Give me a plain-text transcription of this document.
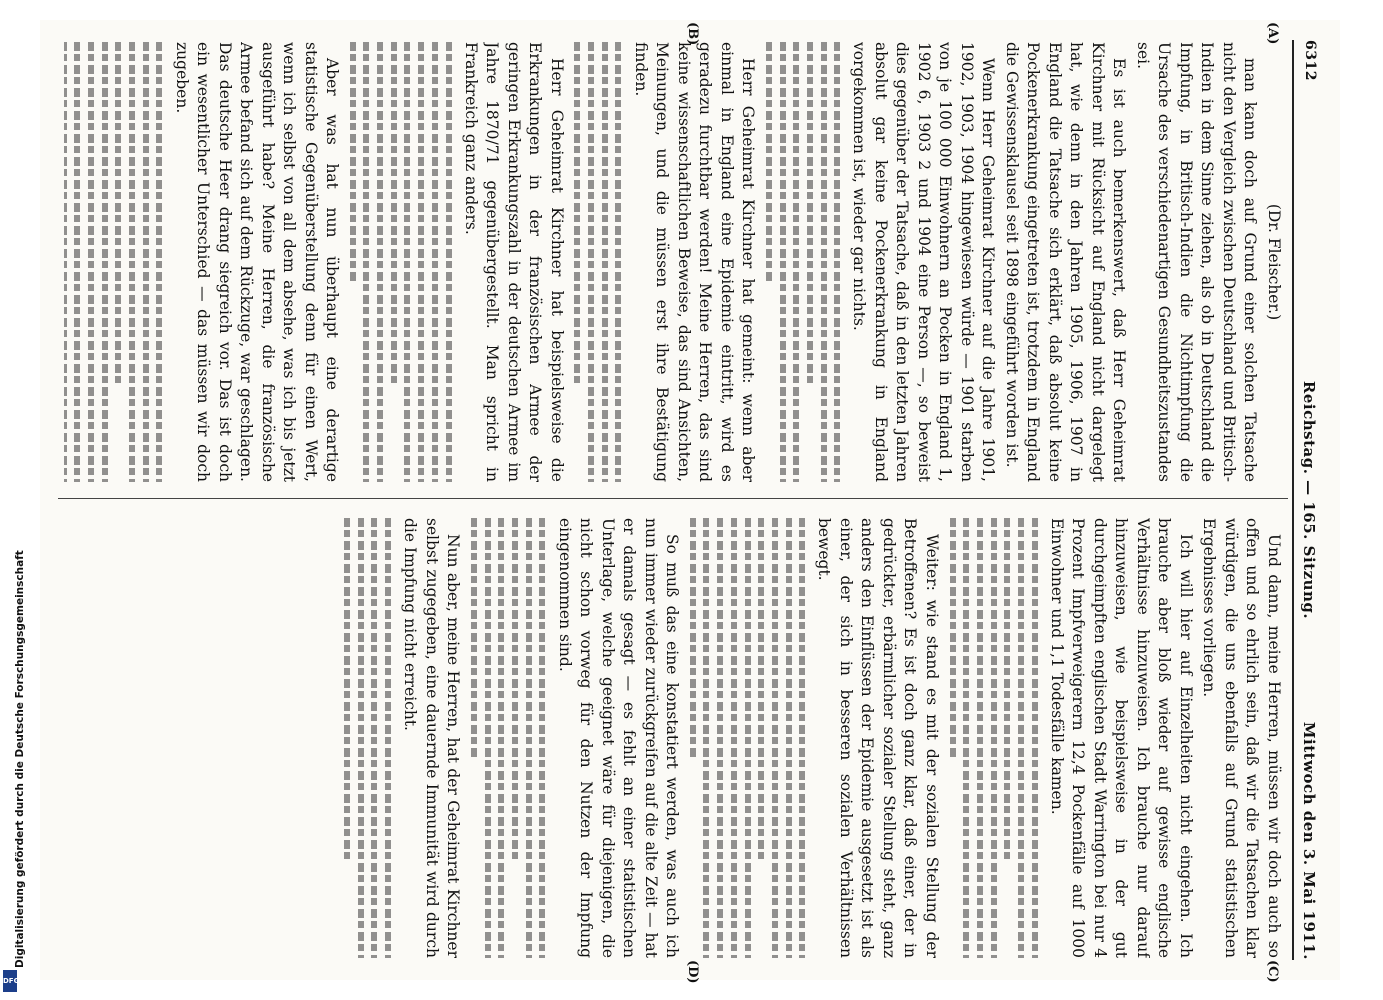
Digitalisierung gefördert durch die Deutsche Forschungsgemeinschaft
DFG
6312
Reichstag. — 165. Sitzung.
Mittwoch den 3. Mai 1911.
(A)
(B)
(C)
(D)

(Dr. Fleischer.)

man kann doch auf Grund einer solchen Tatsache nicht den Vergleich zwischen Deutschland und Britisch-Indien in dem Sinne ziehen, als ob in Deutschland die Impfung, in Britisch-Indien die Nichtimpfung die Ursache des verschiedenartigen Gesundheitszustandes sei.

Es ist auch bemerkenswert, daß Herr Geheimrat Kirchner mit Rücksicht auf England nicht dargelegt hat, wie denn in den Jahren 1905, 1906, 1907 in England die Tatsache sich erklärt, daß absolut keine Pockenerkrankung eingetreten ist, trotzdem in England die Gewissensklausel seit 1898 eingeführt worden ist.

Wenn Herr Geheimrat Kirchner auf die Jahre 1901, 1902, 1903, 1904 hingewiesen würde — 1901 starben von je 100 000 Einwohnern an Pocken in England 1, 1902 6, 1903 2 und 1904 eine Person —, so beweist dies gegenüber der Tatsache, daß in den letzten Jahren absolut gar keine Pockenerkrankung in England vorgekommen ist, wieder gar nichts.

Herr Geheimrat Kirchner hat gemeint: wenn aber einmal in England eine Epidemie eintritt, wird es geradezu furchtbar werden! Meine Herren, das sind keine wissenschaftlichen Beweise, das sind Ansichten, Meinungen, und die müssen erst ihre Bestätigung finden.

Herr Geheimrat Kirchner hat beispielsweise die Erkrankungen in der französischen Armee der geringen Erkrankungszahl in der deutschen Armee im Jahre 1870/71 gegenübergestellt. Man spricht in Frankreich ganz anders.

Aber was hat nun überhaupt eine derartige statistische Gegenüberstellung denn für einen Wert, wenn ich selbst von all dem absehe, was ich bis jetzt ausgeführt habe? Meine Herren, die französische Armee befand sich auf dem Rückzuge, war geschlagen. Das deutsche Heer drang siegreich vor. Das ist doch ein wesentlicher Unterschied — das müssen wir doch zugeben.

Und dann, meine Herren, müssen wir doch auch so offen und so ehrlich sein, daß wir die Tatsachen klar würdigen, die uns ebenfalls auf Grund statistischen Ergebnisses vorliegen.

Ich will hier auf Einzelheiten nicht eingehen. Ich brauche aber bloß wieder auf gewisse englische Verhältnisse hinzuweisen. Ich brauche nur darauf hinzuweisen, wie beispielsweise in der gut durchgeimpften englischen Stadt Warrington bei nur 4 Prozent Impfverweigerern 12,4 Pockenfälle auf 1000 Einwohner und 1,1 Todesfälle kamen.

Weiter: wie stand es mit der sozialen Stellung der Betroffenen? Es ist doch ganz klar, daß einer, der in gedrückter, erbärmlicher sozialer Stellung steht, ganz anders den Einflüssen der Epidemie ausgesetzt ist als einer, der sich in besseren sozialen Verhältnissen bewegt.

So muß das eine konstatiert werden, was auch ich nun immer wieder zurückgreifen auf die alte Zeit — hat er damals gesagt — es fehlt an einer statistischen Unterlage, welche geeignet wäre für diejenigen, die nicht schon vorweg für den Nutzen der Impfung eingenommen sind.

Nun aber, meine Herren, hat der Geheimrat Kirchner selbst zugegeben, eine dauernde Immunität wird durch die Impfung nicht erreicht.
